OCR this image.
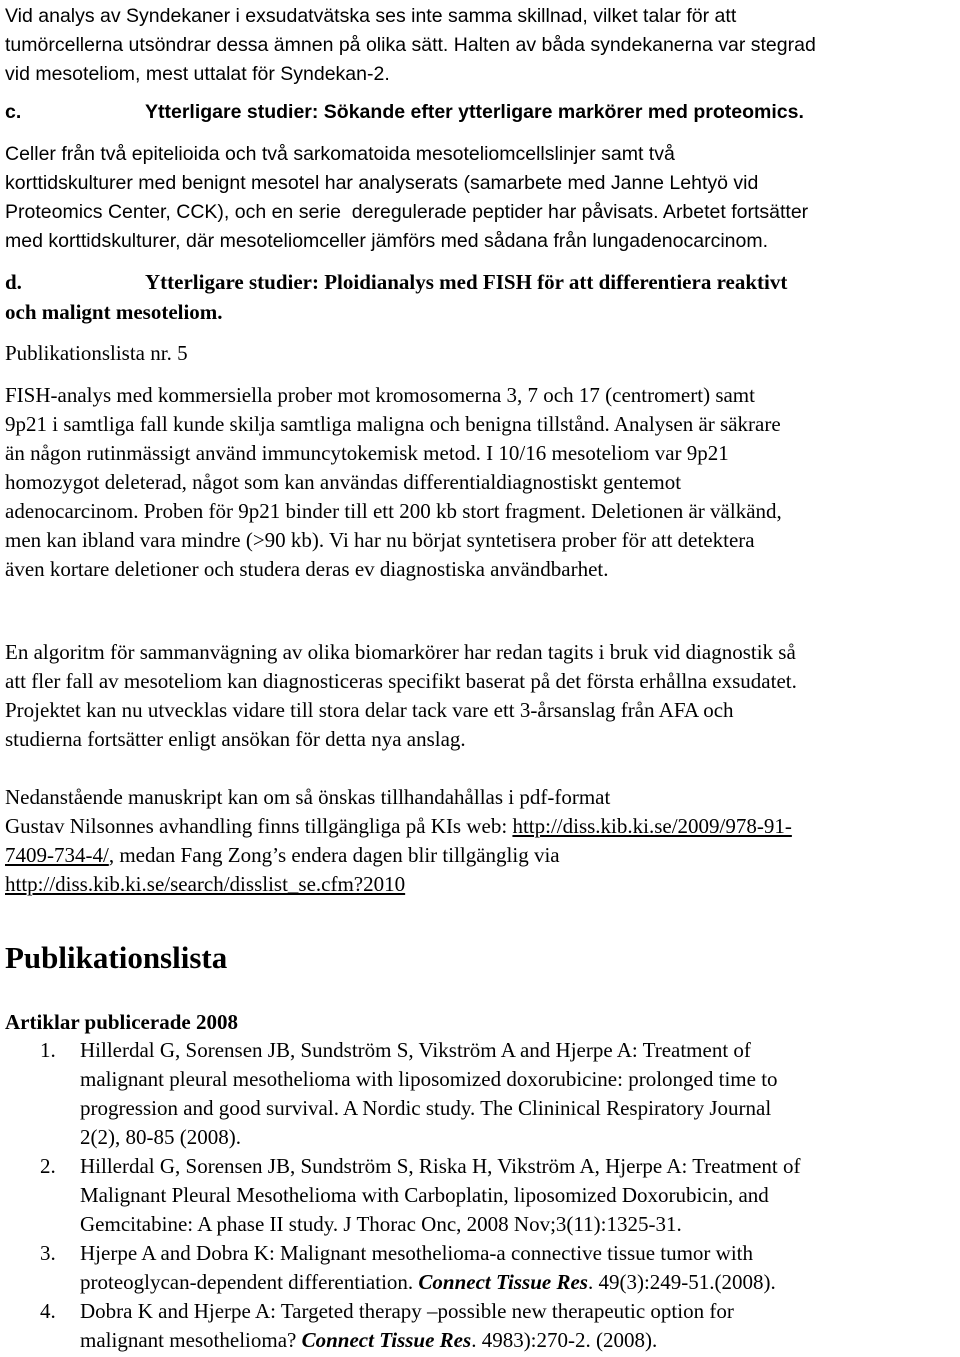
Vid analys av Syndekaner i exsudatvätska ses inte samma skillnad, vilket talar för att
tumörcellerna utsöndrar dessa ämnen på olika sätt. Halten av båda syndekanerna var stegrad
vid mesoteliom, mest uttalat för Syndekan-2.
c.	Ytterligare studier: Sökande efter ytterligare markörer med proteomics.
Celler från två epitelioida och två sarkomatoida mesoteliomcellslinjer samt två
korttidskulturer med benignt mesotel har analyserats (samarbete med Janne Lehtyö vid
Proteomics Center, CCK), och en serie  deregulerade peptider har påvisats. Arbetet fortsätter
med korttidskulturer, där mesoteliomceller jämförs med sådana från lungadenocarcinom.
d.	Ytterligare studier: Ploidianalys med FISH för att differentiera reaktivt
och malignt mesoteliom.
Publikationslista nr. 5
FISH-analys med kommersiella prober mot kromosomerna 3, 7 och 17 (centromert) samt
9p21 i samtliga fall kunde skilja samtliga maligna och benigna tillstånd. Analysen är säkrare
än någon rutinmässigt använd immuncytokemisk metod. I 10/16 mesoteliom var 9p21
homozygot deleterad, något som kan användas differentialdiagnostiskt gentemot
adenocarcinom. Proben för 9p21 binder till ett 200 kb stort fragment. Deletionen är välkänd,
men kan ibland vara mindre (>90 kb). Vi har nu börjat syntetisera prober för att detektera
även kortare deletioner och studera deras ev diagnostiska användbarhet.
En algoritm för sammanvägning av olika biomarkörer har redan tagits i bruk vid diagnostik så
att fler fall av mesoteliom kan diagnosticeras specifikt baserat på det första erhållna exsudatet.
Projektet kan nu utvecklas vidare till stora delar tack vare ett 3-årsanslag från AFA och
studierna fortsätter enligt ansökan för detta nya anslag.
Nedanstående manuskript kan om så önskas tillhandahållas i pdf-format
Gustav Nilsonnes avhandling finns tillgängliga på KIs web: http://diss.kib.ki.se/2009/978-91-
7409-734-4/, medan Fang Zong’s endera dagen blir tillgänglig via
http://diss.kib.ki.se/search/disslist_se.cfm?2010
Publikationslista
Artiklar publicerade 2008
1. Hillerdal G, Sorensen JB, Sundström S, Vikström A and Hjerpe A: Treatment of
malignant pleural mesothelioma with liposomized doxorubicine: prolonged time to
progression and good survival. A Nordic study. The Clininical Respiratory Journal
2(2), 80-85 (2008).
2. Hillerdal G, Sorensen JB, Sundström S, Riska H, Vikström A, Hjerpe A: Treatment of
Malignant Pleural Mesothelioma with Carboplatin, liposomized Doxorubicin, and
Gemcitabine: A phase II study. J Thorac Onc, 2008 Nov;3(11):1325-31.
3. Hjerpe A and Dobra K: Malignant mesothelioma-a connective tissue tumor with
proteoglycan-dependent differentiation. Connect Tissue Res. 49(3):249-51.(2008).
4. Dobra K and Hjerpe A: Targeted therapy –possible new therapeutic option for
malignant mesothelioma? Connect Tissue Res. 4983):270-2. (2008).
